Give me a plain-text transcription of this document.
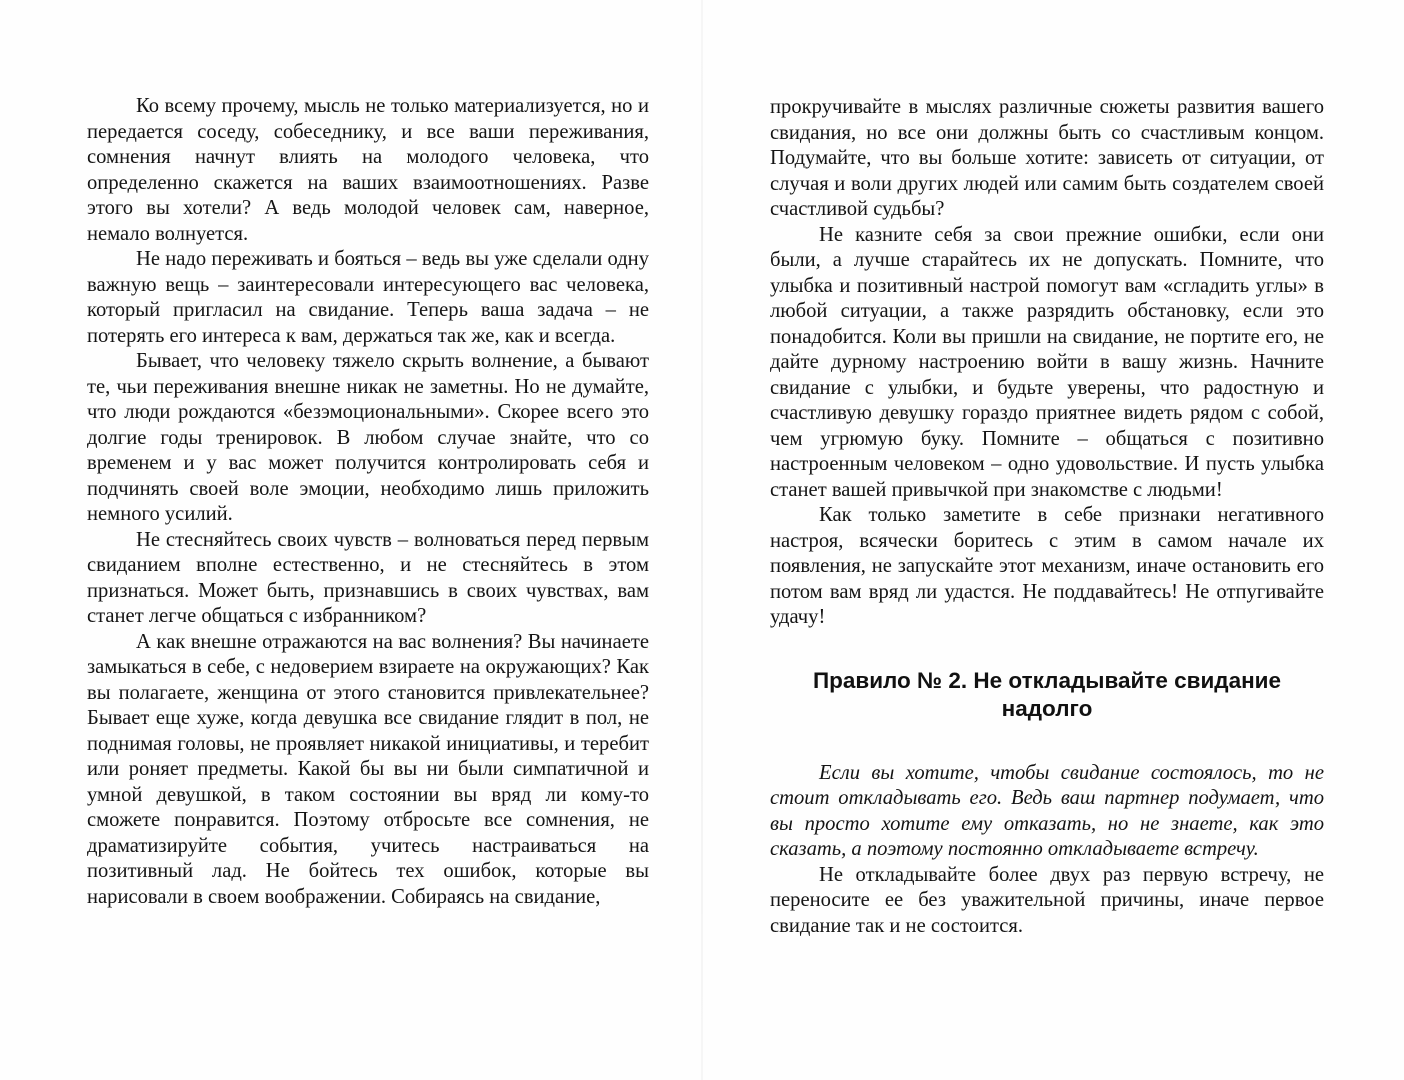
Ко всему прочему, мысль не только материализуется, но и передается соседу, собеседнику, и все ваши переживания, сомнения начнут влиять на молодого человека, что определенно скажется на ваших взаимоотношениях. Разве этого вы хотели? А ведь молодой человек сам, наверное, немало волнуется.

Не надо переживать и бояться – ведь вы уже сделали одну важную вещь – заинтересовали интересующего вас человека, который пригласил на свидание. Теперь ваша задача – не потерять его интереса к вам, держаться так же, как и всегда.

Бывает, что человеку тяжело скрыть волнение, а бывают те, чьи переживания внешне никак не заметны. Но не думайте, что люди рождаются «безэмоциональными». Скорее всего это долгие годы тренировок. В любом случае знайте, что со временем и у вас может получится контролировать себя и подчинять своей воле эмоции, необходимо лишь приложить немного усилий.

Не стесняйтесь своих чувств – волноваться перед первым свиданием вполне естественно, и не стесняйтесь в этом признаться. Может быть, признавшись в своих чувствах, вам станет легче общаться с избранником?

А как внешне отражаются на вас волнения? Вы начинаете замыкаться в себе, с недоверием взираете на окружающих? Как вы полагаете, женщина от этого становится привлекательнее? Бывает еще хуже, когда девушка все свидание глядит в пол, не поднимая головы, не проявляет никакой инициативы, и теребит или роняет предметы. Какой бы вы ни были симпатичной и умной девушкой, в таком состоянии вы вряд ли кому-то сможете понравится. Поэтому отбросьте все сомнения, не драматизируйте события, учитесь настраиваться на позитивный лад. Не бойтесь тех ошибок, которые вы нарисовали в своем воображении. Собираясь на свидание,

прокручивайте в мыслях различные сюжеты развития вашего свидания, но все они должны быть со счастливым концом. Подумайте, что вы больше хотите: зависеть от ситуации, от случая и воли других людей или самим быть создателем своей счастливой судьбы?

Не казните себя за свои прежние ошибки, если они были, а лучше старайтесь их не допускать. Помните, что улыбка и позитивный настрой помогут вам «сгладить углы» в любой ситуации, а также разрядить обстановку, если это понадобится. Коли вы пришли на свидание, не портите его, не дайте дурному настроению войти в вашу жизнь. Начните свидание с улыбки, и будьте уверены, что радостную и счастливую девушку гораздо приятнее видеть рядом с собой, чем угрюмую буку. Помните – общаться с позитивно настроенным человеком – одно удовольствие. И пусть улыбка станет вашей привычкой при знакомстве с людьми!

Как только заметите в себе признаки негативного настроя, всячески боритесь с этим в самом начале их появления, не запускайте этот механизм, иначе остановить его потом вам вряд ли удастся. Не поддавайтесь! Не отпугивайте удачу!

Правило № 2. Не откладывайте свидание надолго

Если вы хотите, чтобы свидание состоялось, то не стоит откладывать его. Ведь ваш партнер подумает, что вы просто хотите ему отказать, но не знаете, как это сказать, а поэтому постоянно откладываете встречу.

Не откладывайте более двух раз первую встречу, не переносите ее без уважительной причины, иначе первое свидание так и не состоится.
